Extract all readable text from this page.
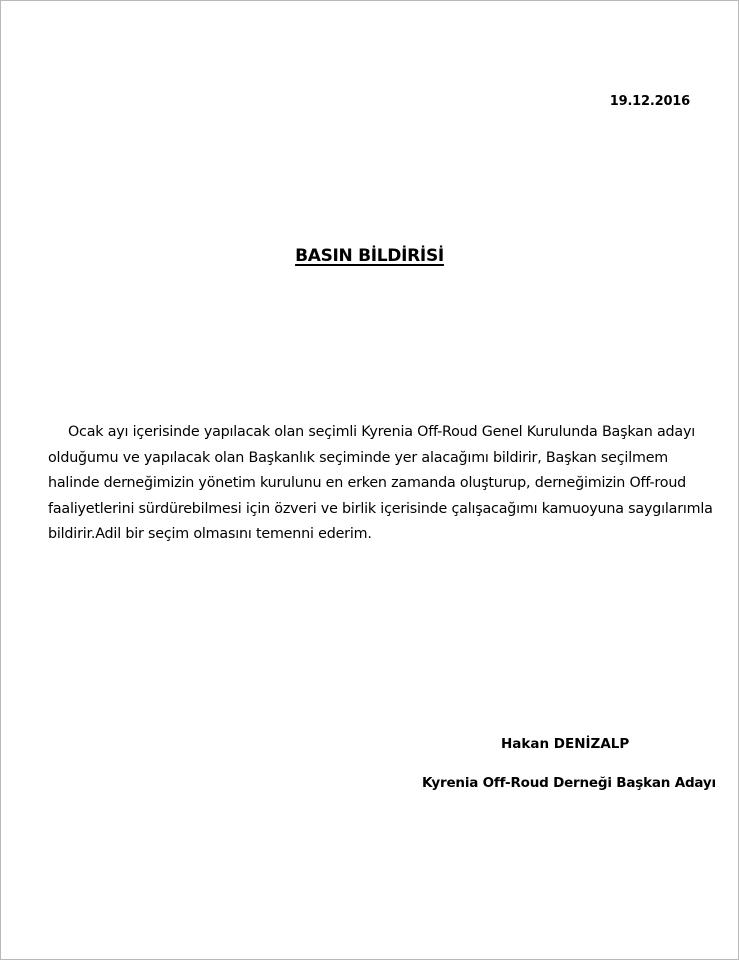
19.12.2016
BASIN BİLDİRİSİ

Ocak ayı içerisinde yapılacak olan seçimli Kyrenia Off-Roud Genel Kurulunda Başkan adayı olduğumu ve yapılacak olan Başkanlık seçiminde yer alacağımı bildirir, Başkan seçilmem halinde derneğimizin yönetim kurulunu en erken zamanda oluşturup, derneğimizin Off-roud faaliyetlerini sürdürebilmesi için özveri ve birlik içerisinde çalışacağımı kamuoyuna saygılarımla bildirir.Adil bir seçim olmasını temenni ederim.

Hakan DENİZALP
Kyrenia Off-Roud Derneği Başkan Adayı
